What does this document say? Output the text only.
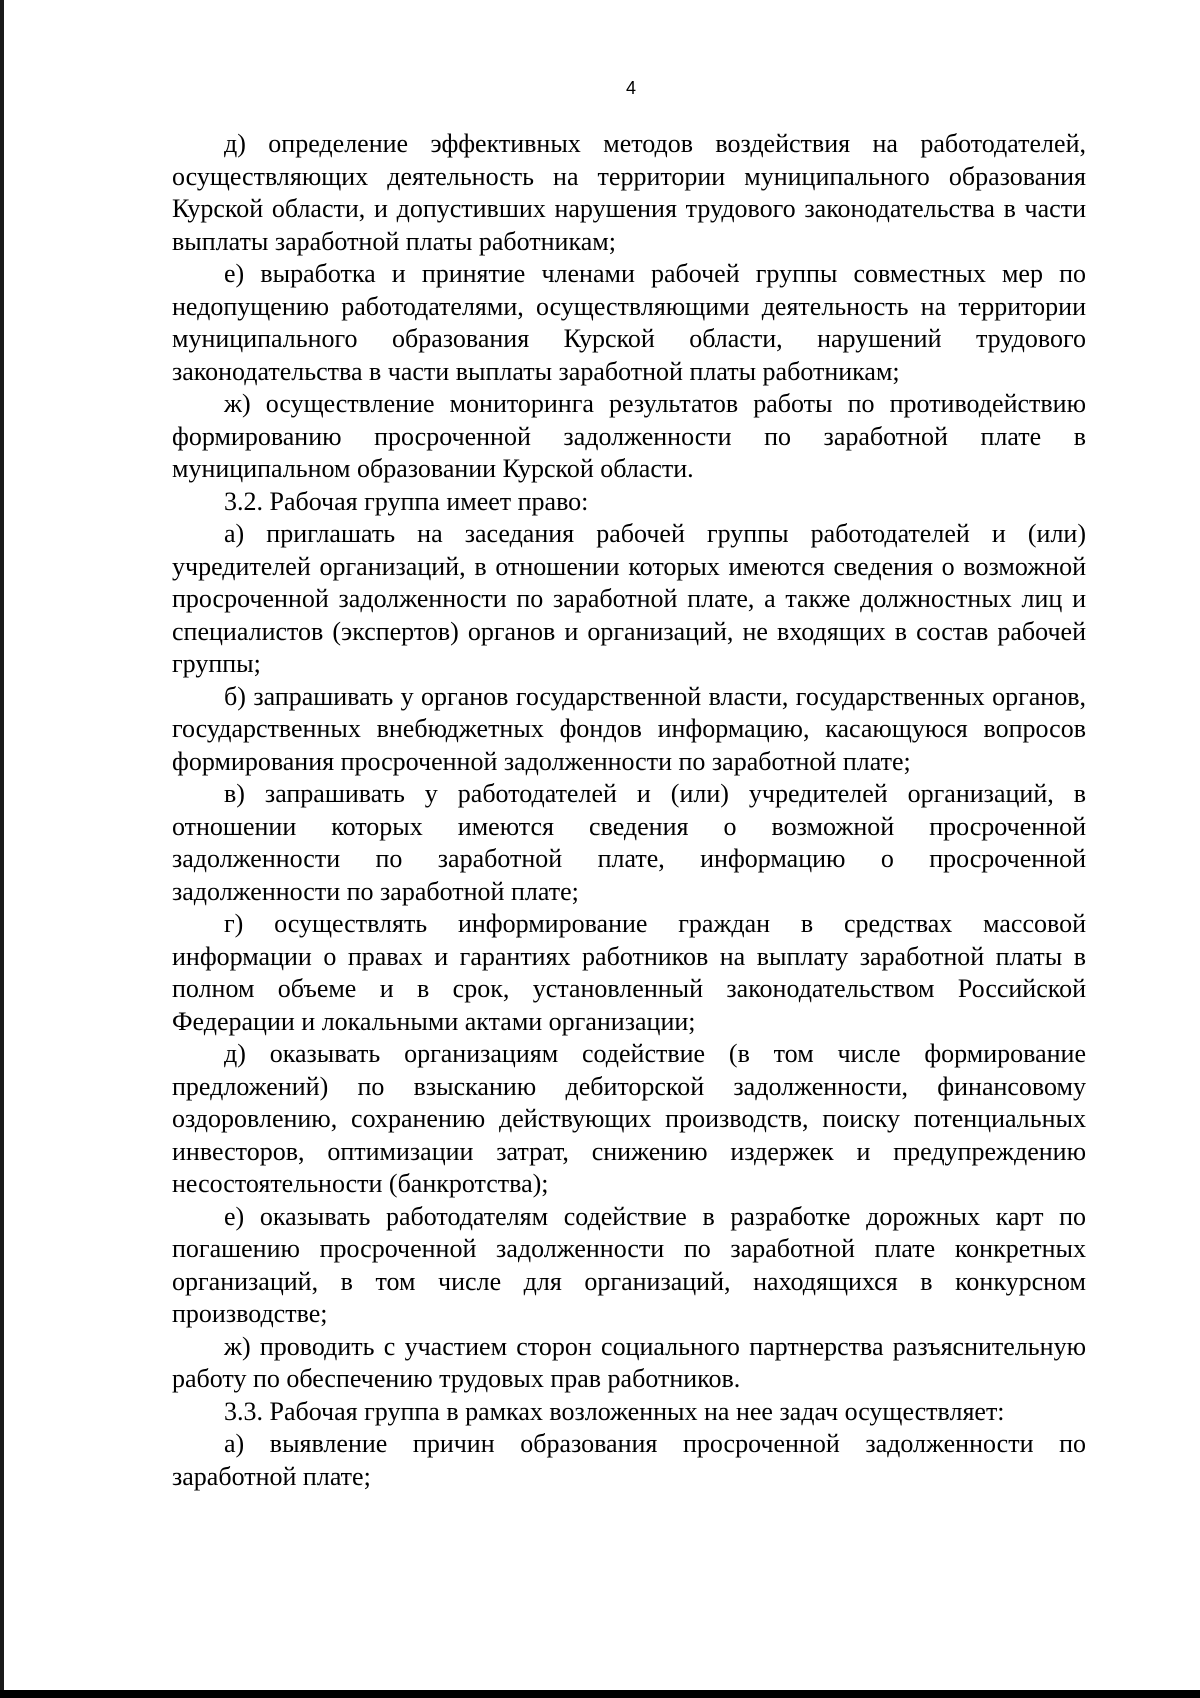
4

д) определение эффективных методов воздействия на работодателей, осуществляющих деятельность на территории муниципального образования Курской области, и допустивших нарушения трудового законодательства в части выплаты заработной платы работникам;

е) выработка и принятие членами рабочей группы совместных мер по недопущению работодателями, осуществляющими деятельность на территории муниципального образования Курской области, нарушений трудового законодательства в части выплаты заработной платы работникам;

ж) осуществление мониторинга результатов работы по противодействию формированию просроченной задолженности по заработной плате в муниципальном образовании Курской области.

3.2. Рабочая группа имеет право:

а) приглашать на заседания рабочей группы работодателей и (или) учредителей организаций, в отношении которых имеются сведения о возможной просроченной задолженности по заработной плате, а также должностных лиц и специалистов (экспертов) органов и организаций, не входящих в состав рабочей группы;

б) запрашивать у органов государственной власти, государственных органов, государственных внебюджетных фондов информацию, касающуюся вопросов формирования просроченной задолженности по заработной плате;

в) запрашивать у работодателей и (или) учредителей организаций, в отношении которых имеются сведения о возможной просроченной задолженности по заработной плате, информацию о просроченной задолженности по заработной плате;

г) осуществлять информирование граждан в средствах массовой информации о правах и гарантиях работников на выплату заработной платы в полном объеме и в срок, установленный законодательством Российской Федерации и локальными актами организации;

д) оказывать организациям содействие (в том числе формирование предложений) по взысканию дебиторской задолженности, финансовому оздоровлению, сохранению действующих производств, поиску потенциальных инвесторов, оптимизации затрат, снижению издержек и предупреждению несостоятельности (банкротства);

е) оказывать работодателям содействие в разработке дорожных карт по погашению просроченной задолженности по заработной плате конкретных организаций, в том числе для организаций, находящихся в конкурсном производстве;

ж) проводить с участием сторон социального партнерства разъяснительную работу по обеспечению трудовых прав работников.

3.3. Рабочая группа в рамках возложенных на нее задач осуществляет:

а) выявление причин образования просроченной задолженности по заработной плате;
